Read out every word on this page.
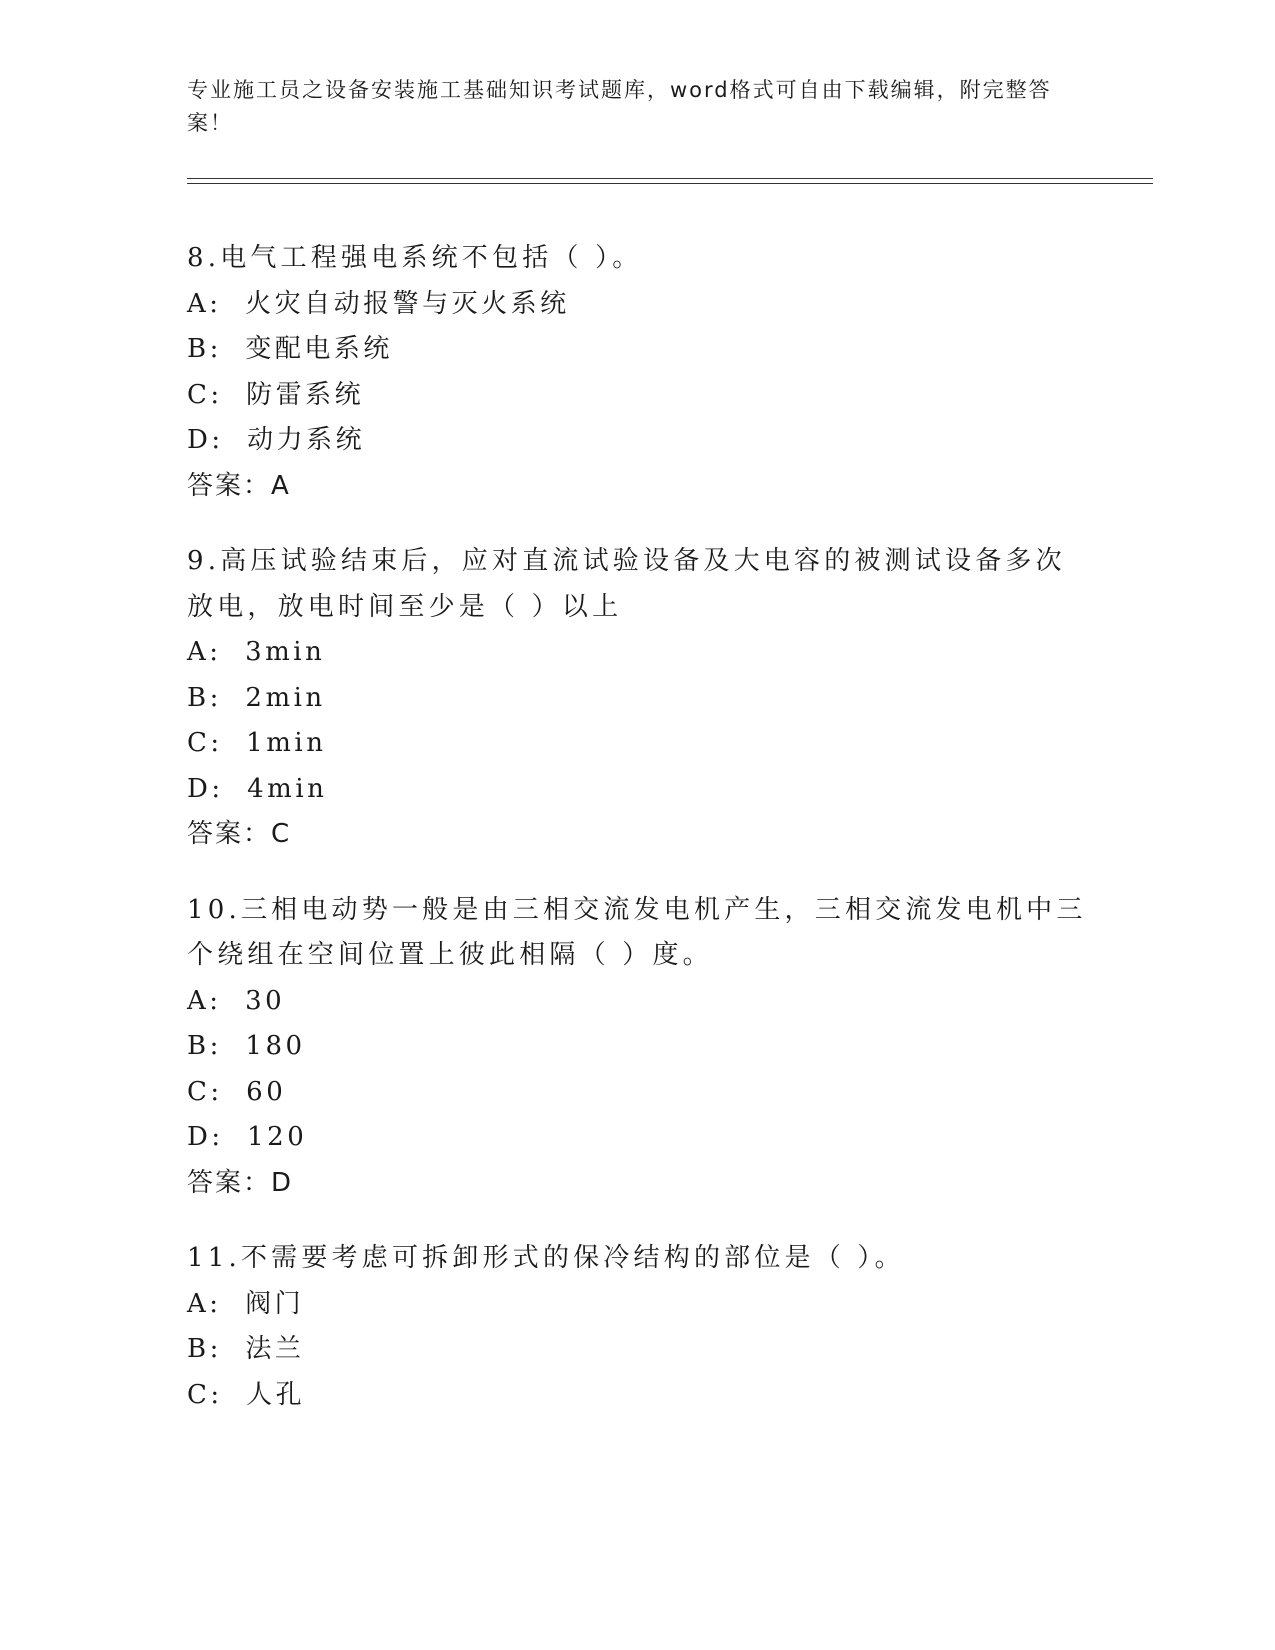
专业施工员之设备安装施工基础知识考试题库，word格式可自由下载编辑，附完整答案！

8.电气工程强电系统不包括（ ）。

A:  火灾自动报警与灭火系统

B:  变配电系统

C:  防雷系统

D:  动力系统

答案：A

9.高压试验结束后，应对直流试验设备及大电容的被测试设备多次放电，放电时间至少是（ ）以上

A:  3min

B:  2min

C:  1min

D:  4min

答案：C

10.三相电动势一般是由三相交流发电机产生，三相交流发电机中三个绕组在空间位置上彼此相隔（ ）度。

A:  30

B:  180

C:  60

D:  120

答案：D

11.不需要考虑可拆卸形式的保冷结构的部位是（ ）。

A:  阀门

B:  法兰

C:  人孔
